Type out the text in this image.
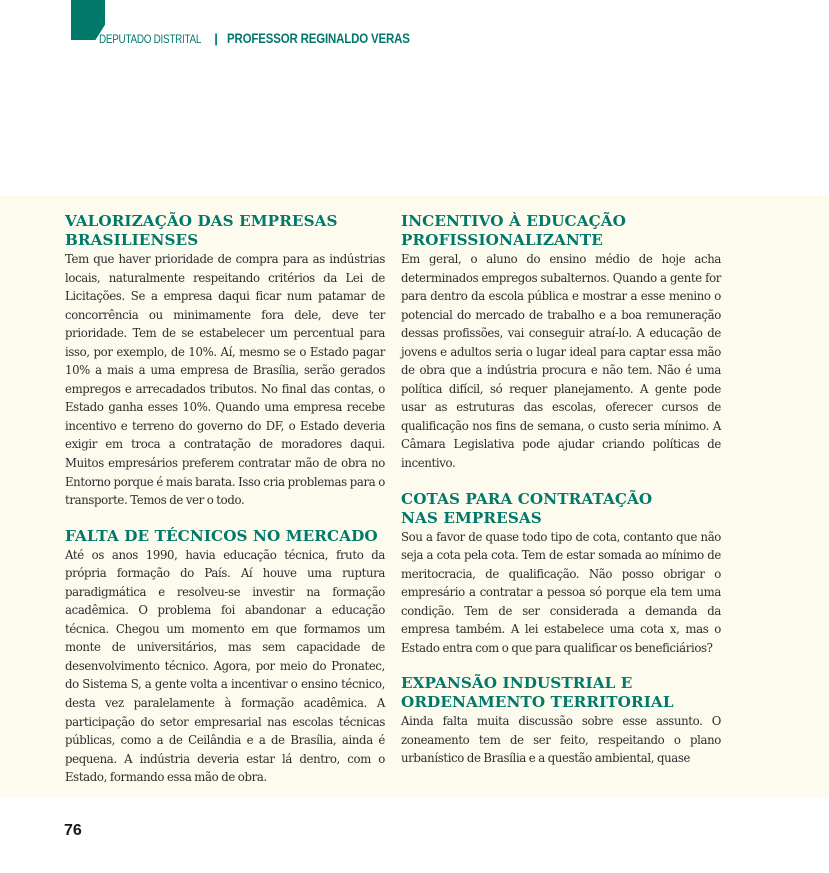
DEPUTADO DISTRITAL | PROFESSOR REGINALDO VERAS
VALORIZAÇÃO DAS EMPRESAS
BRASILIENSES

Tem que haver prioridade de compra para as indústrias locais, naturalmente respeitando critérios da Lei de Licitações. Se a empresa daqui ficar num patamar de concorrência ou minimamente fora dele, deve ter prioridade. Tem de se estabelecer um percentual para isso, por exemplo, de 10%. Aí, mesmo se o Estado pagar 10% a mais a uma empresa de Brasília, serão gerados empregos e arrecadados tributos. No final das contas, o Estado ganha esses 10%. Quando uma empresa recebe incentivo e terreno do governo do DF, o Estado deveria exigir em troca a contratação de moradores daqui. Muitos empresários preferem contratar mão de obra no Entorno porque é mais barata. Isso cria problemas para o transporte. Temos de ver o todo.

FALTA DE TÉCNICOS NO MERCADO

Até os anos 1990, havia educação técnica, fruto da própria formação do País. Aí houve uma ruptura paradigmática e resolveu-se investir na formação acadêmica. O problema foi abandonar a educação técnica. Chegou um momento em que formamos um monte de universitários, mas sem capacidade de desenvolvimento técnico. Agora, por meio do Pronatec, do Sistema S, a gente volta a incentivar o ensino técnico, desta vez paralelamente à formação acadêmica. A participação do setor empresarial nas escolas técnicas públicas, como a de Ceilândia e a de Brasília, ainda é pequena. A indústria deveria estar lá dentro, com o Estado, formando essa mão de obra.

INCENTIVO À EDUCAÇÃO
PROFISSIONALIZANTE

Em geral, o aluno do ensino médio de hoje acha determinados empregos subalternos. Quando a gente for para dentro da escola pública e mostrar a esse menino o potencial do mercado de trabalho e a boa remuneração dessas profissões, vai conseguir atraí-lo. A educação de jovens e adultos seria o lugar ideal para captar essa mão de obra que a indústria procura e não tem. Não é uma política difícil, só requer planejamento. A gente pode usar as estruturas das escolas, oferecer cursos de qualificação nos fins de semana, o custo seria mínimo. A Câmara Legislativa pode ajudar criando políticas de incentivo.

COTAS PARA CONTRATAÇÃO
NAS EMPRESAS

Sou a favor de quase todo tipo de cota, contanto que não seja a cota pela cota. Tem de estar somada ao mínimo de meritocracia, de qualificação. Não posso obrigar o empresário a contratar a pessoa só porque ela tem uma condição. Tem de ser considerada a demanda da empresa também. A lei estabelece uma cota x, mas o Estado entra com o que para qualificar os beneficiários?

EXPANSÃO INDUSTRIAL E
ORDENAMENTO TERRITORIAL

Ainda falta muita discussão sobre esse assunto. O zoneamento tem de ser feito, respeitando o plano urbanístico de Brasília e a questão ambiental, quase

76
